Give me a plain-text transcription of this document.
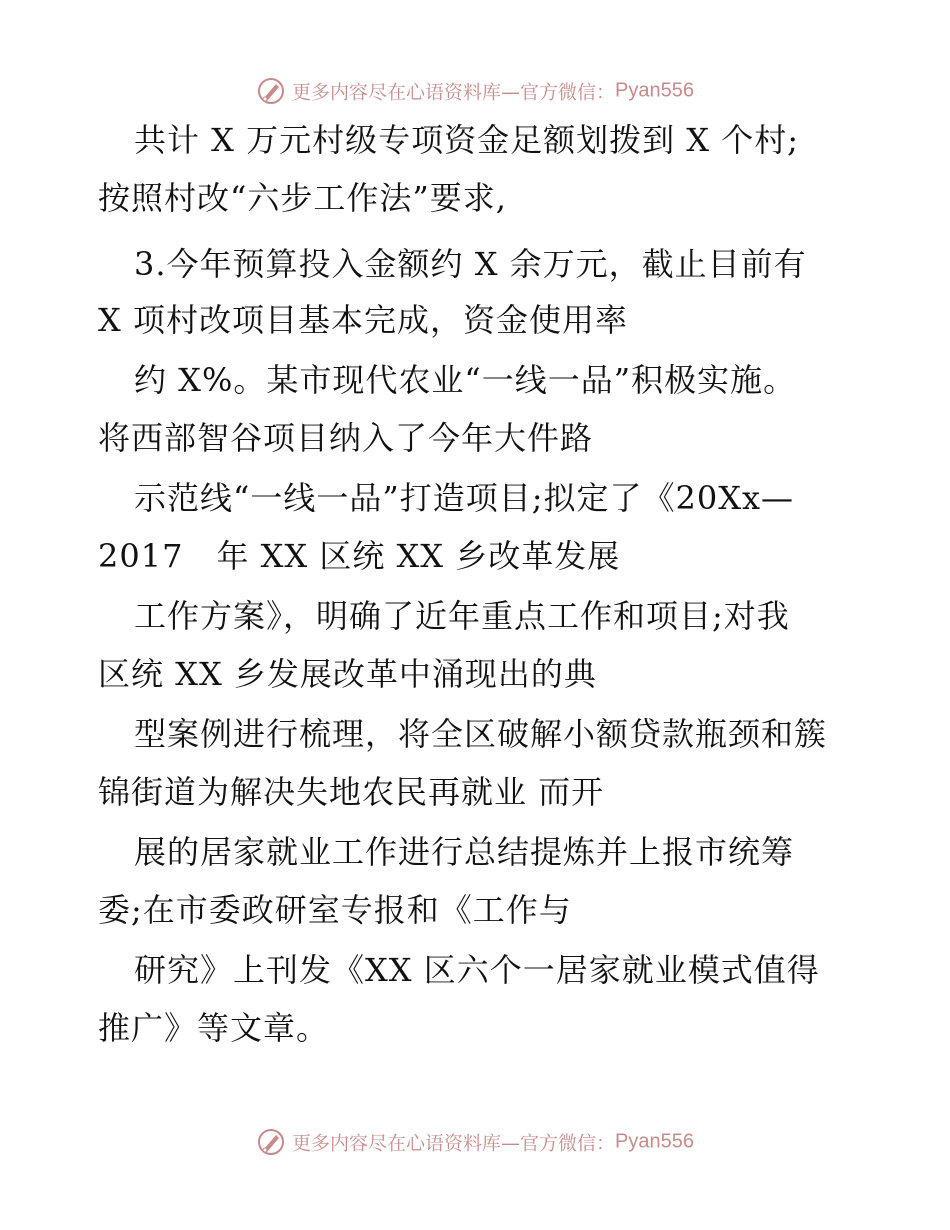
更多内容尽在心语资料库—官方微信：Pyan556
共计 X 万元村级专项资金足额划拨到 X 个村;
按照村改“六步工作法”要求,
3.今年预算投入金额约 X 余万元，截止目前有
X 项村改项目基本完成，资金使用率
约 X%。某市现代农业“一线一品”积极实施。
将西部智谷项目纳入了今年大件路
示范线“一线一品”打造项目;拟定了《20Xx—
2017　年 XX 区统 XX 乡改革发展
工作方案》，明确了近年重点工作和项目;对我
区统 XX 乡发展改革中涌现出的典
型案例进行梳理，将全区破解小额贷款瓶颈和簇
锦街道为解决失地农民再就业 而开
展的居家就业工作进行总结提炼并上报市统筹
委;在市委政研室专报和《工作与
研究》上刊发《XX 区六个一居家就业模式值得
推广》等文章。
更多内容尽在心语资料库—官方微信：Pyan556
